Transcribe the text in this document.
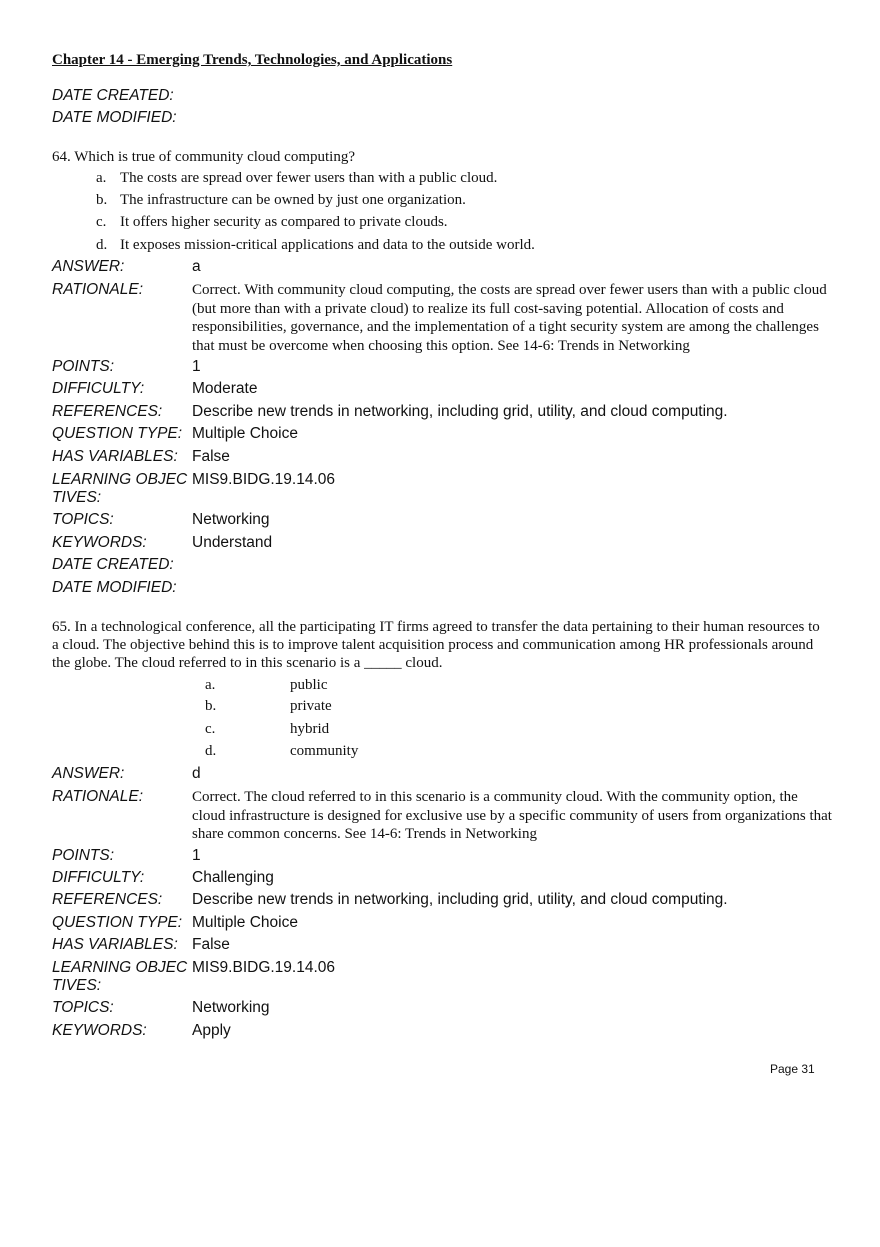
Chapter 14 - Emerging Trends, Technologies, and Applications
DATE CREATED:
DATE MODIFIED:
64. Which is true of community cloud computing?
a. The costs are spread over fewer users than with a public cloud.
b. The infrastructure can be owned by just one organization.
c. It offers higher security as compared to private clouds.
d. It exposes mission-critical applications and data to the outside world.
ANSWER:	a
RATIONALE:	Correct. With community cloud computing, the costs are spread over fewer users than with a public cloud (but more than with a private cloud) to realize its full cost-saving potential. Allocation of costs and responsibilities, governance, and the implementation of a tight security system are among the challenges that must be overcome when choosing this option. See 14-6: Trends in Networking
POINTS:	1
DIFFICULTY:	Moderate
REFERENCES:	Describe new trends in networking, including grid, utility, and cloud computing.
QUESTION TYPE: Multiple Choice
HAS VARIABLES: False
LEARNING OBJEC TIVES:
MIS9.BIDG.19.14.06
TOPICS:	Networking
KEYWORDS:	Understand
DATE CREATED:
DATE MODIFIED:
65. In a technological conference, all the participating IT firms agreed to transfer the data pertaining to their human resources to a cloud. The objective behind this is to improve talent acquisition process and communication among HR professionals around the globe. The cloud referred to in this scenario is a _____ cloud.
a.	public
b.	private
c.	hybrid
d.	community
ANSWER:	d
RATIONALE:	Correct. The cloud referred to in this scenario is a community cloud. With the community option, the cloud infrastructure is designed for exclusive use by a specific community of users from organizations that share common concerns. See 14-6: Trends in Networking
POINTS:	1
DIFFICULTY:	Challenging
REFERENCES:	Describe new trends in networking, including grid, utility, and cloud computing.
QUESTION TYPE: Multiple Choice
HAS VARIABLES: False
LEARNING OBJEC TIVES:
MIS9.BIDG.19.14.06
TOPICS:	Networking
KEYWORDS:	Apply
Page 31
